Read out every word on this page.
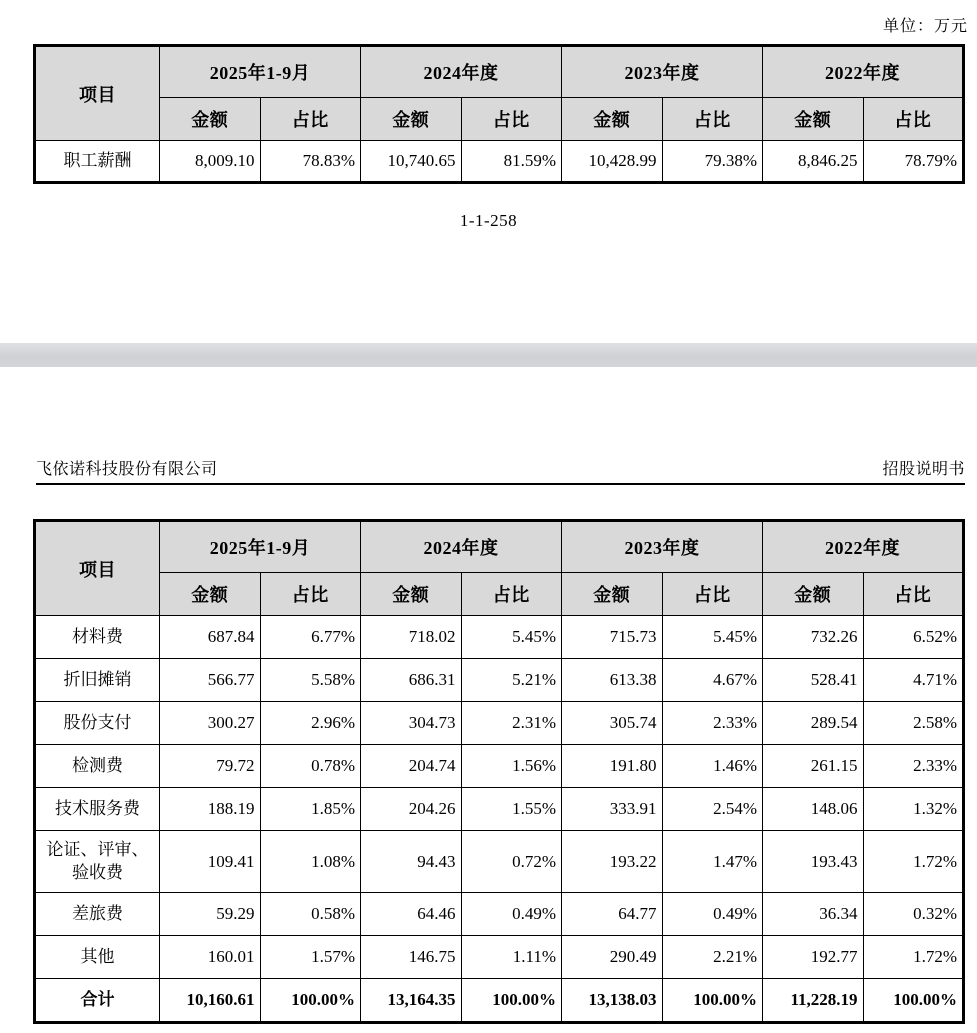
单位：万元
项目	2025年1-9月		2024年度		2023年度		2022年度	
	金额	占比	金额	占比	金额	占比	金额	占比
职工薪酬	8,009.10	78.83%	10,740.65	81.59%	10,428.99	79.38%	8,846.25	78.79%
1-1-258
飞依诺科技股份有限公司	招股说明书
项目	2025年1-9月		2024年度		2023年度		2022年度	
	金额	占比	金额	占比	金额	占比	金额	占比
材料费	687.84	6.77%	718.02	5.45%	715.73	5.45%	732.26	6.52%
折旧摊销	566.77	5.58%	686.31	5.21%	613.38	4.67%	528.41	4.71%
股份支付	300.27	2.96%	304.73	2.31%	305.74	2.33%	289.54	2.58%
检测费	79.72	0.78%	204.74	1.56%	191.80	1.46%	261.15	2.33%
技术服务费	188.19	1.85%	204.26	1.55%	333.91	2.54%	148.06	1.32%
论证、评审、验收费	109.41	1.08%	94.43	0.72%	193.22	1.47%	193.43	1.72%
差旅费	59.29	0.58%	64.46	0.49%	64.77	0.49%	36.34	0.32%
其他	160.01	1.57%	146.75	1.11%	290.49	2.21%	192.77	1.72%
合计	10,160.61	100.00%	13,164.35	100.00%	13,138.03	100.00%	11,228.19	100.00%
